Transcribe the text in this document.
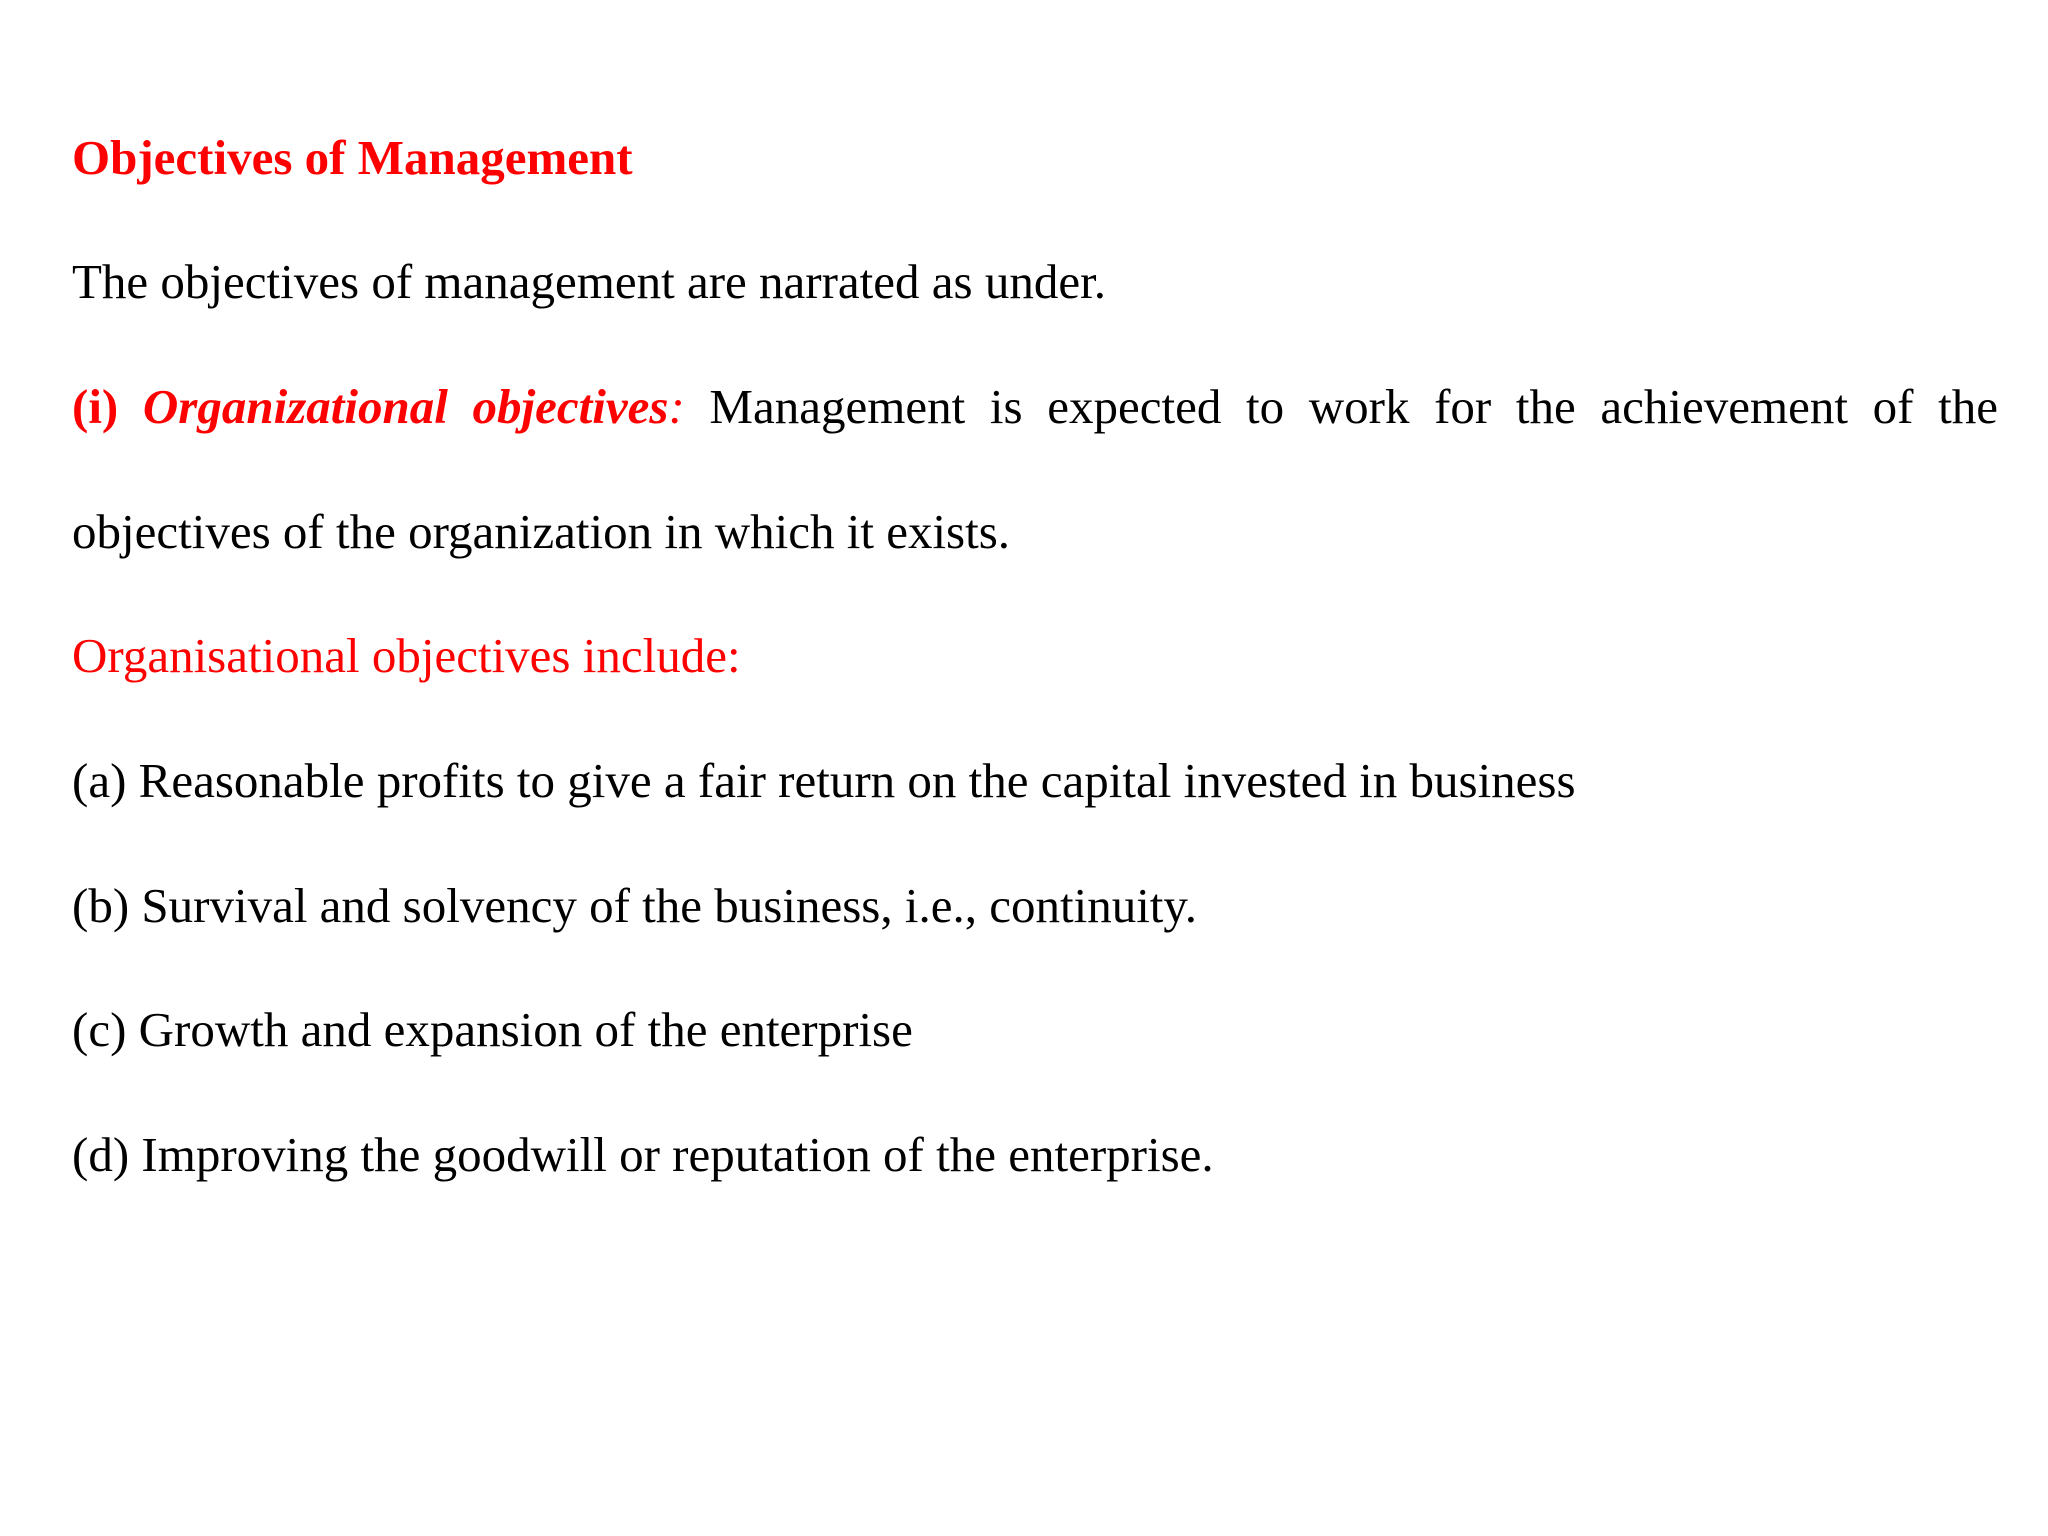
Objectives of Management

The objectives of management are narrated as under.

(i) Organizational objectives: Management is expected to work for the achievement of the

objectives of the organization in which it exists.

Organisational objectives include:

(a) Reasonable profits to give a fair return on the capital invested in business

(b) Survival and solvency of the business, i.e., continuity.

(c) Growth and expansion of the enterprise

(d) Improving the goodwill or reputation of the enterprise.
